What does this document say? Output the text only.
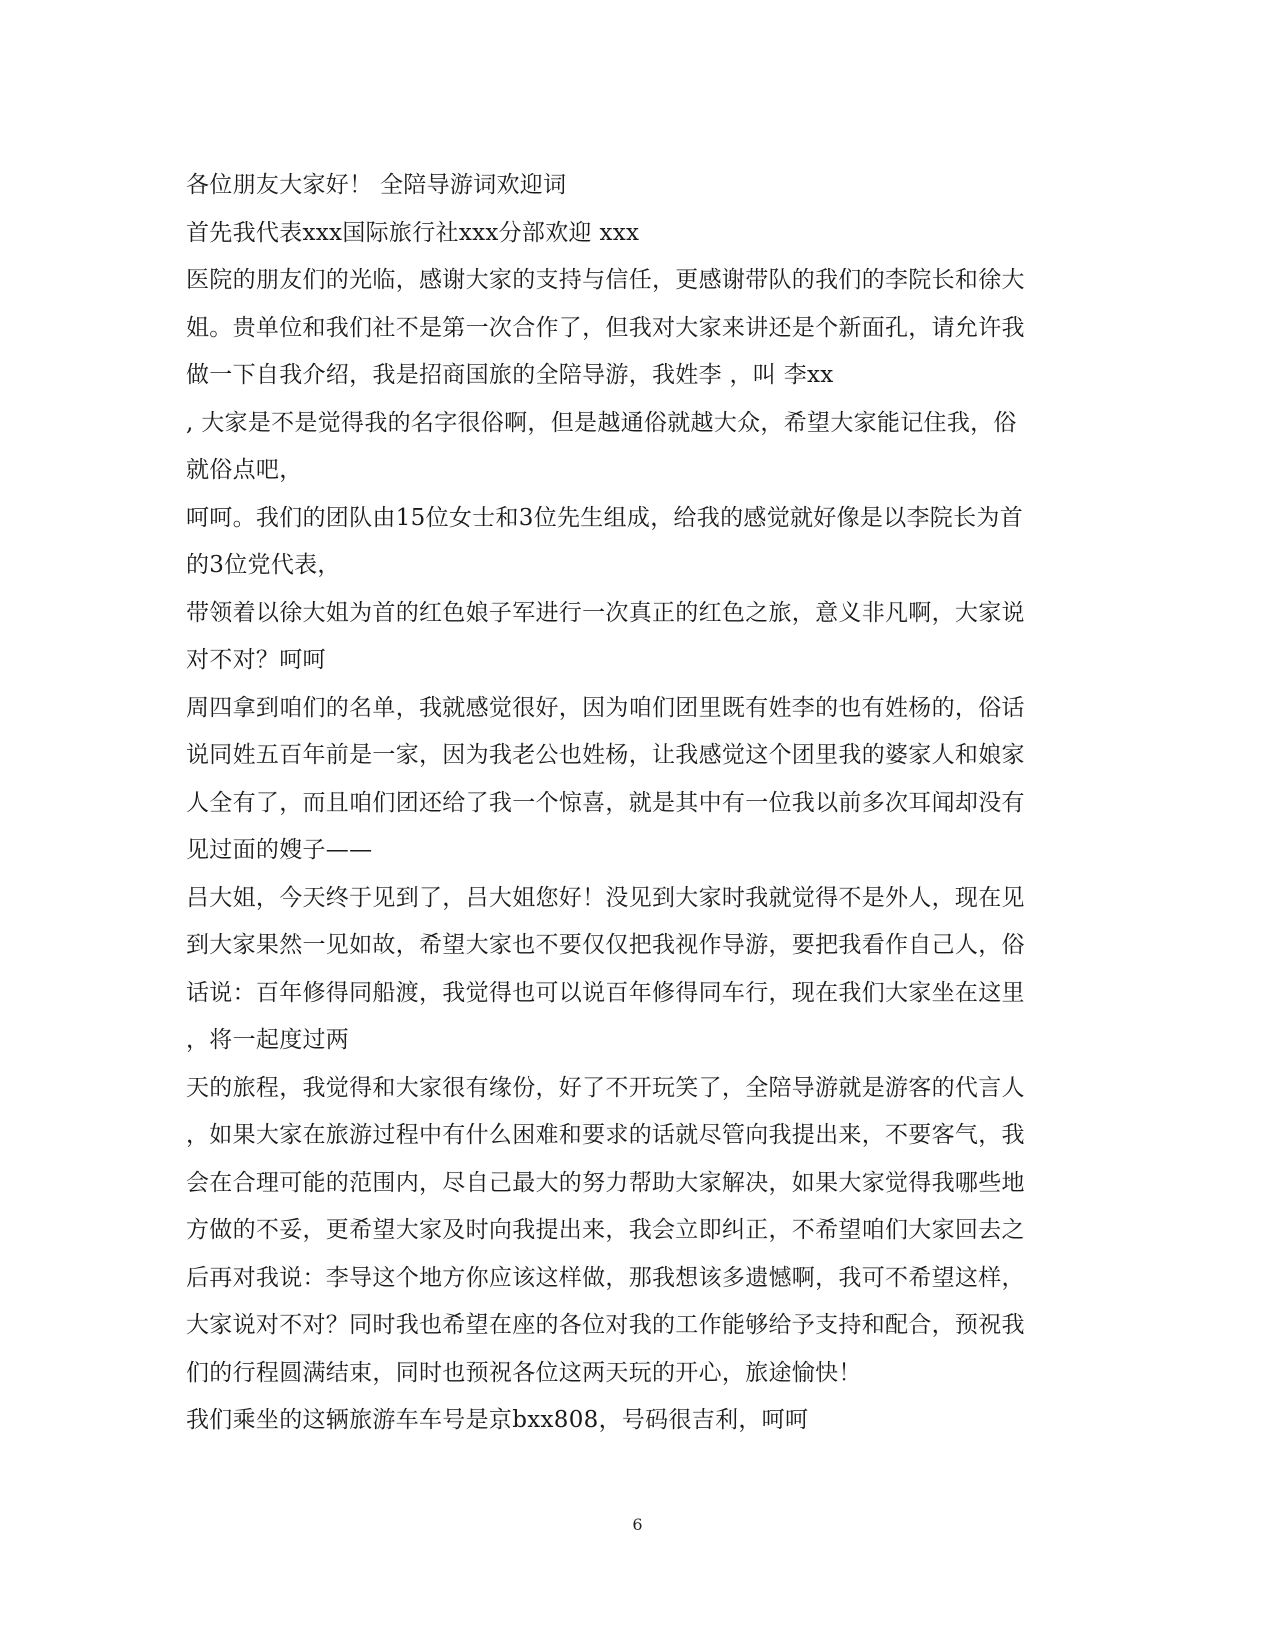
各位朋友大家好！ 全陪导游词欢迎词
首先我代表xxx国际旅行社xxx分部欢迎 xxx
医院的朋友们的光临，感谢大家的支持与信任，更感谢带队的我们的李院长和徐大
姐。贵单位和我们社不是第一次合作了，但我对大家来讲还是个新面孔，请允许我
做一下自我介绍，我是招商国旅的全陪导游，我姓李 ，叫 李xx
, 大家是不是觉得我的名字很俗啊，但是越通俗就越大众，希望大家能记住我，俗
就俗点吧，
呵呵。我们的团队由15位女士和3位先生组成，给我的感觉就好像是以李院长为首
的3位党代表，
带领着以徐大姐为首的红色娘子军进行一次真正的红色之旅，意义非凡啊，大家说
对不对？呵呵
周四拿到咱们的名单，我就感觉很好，因为咱们团里既有姓李的也有姓杨的，俗话
说同姓五百年前是一家，因为我老公也姓杨，让我感觉这个团里我的婆家人和娘家
人全有了，而且咱们团还给了我一个惊喜，就是其中有一位我以前多次耳闻却没有
见过面的嫂子——
吕大姐，今天终于见到了，吕大姐您好！没见到大家时我就觉得不是外人，现在见
到大家果然一见如故，希望大家也不要仅仅把我视作导游，要把我看作自己人，俗
话说：百年修得同船渡，我觉得也可以说百年修得同车行，现在我们大家坐在这里
，将一起度过两
天的旅程，我觉得和大家很有缘份，好了不开玩笑了，全陪导游就是游客的代言人
，如果大家在旅游过程中有什么困难和要求的话就尽管向我提出来，不要客气，我
会在合理可能的范围内，尽自己最大的努力帮助大家解决，如果大家觉得我哪些地
方做的不妥，更希望大家及时向我提出来，我会立即纠正，不希望咱们大家回去之
后再对我说：李导这个地方你应该这样做，那我想该多遗憾啊，我可不希望这样，
大家说对不对？同时我也希望在座的各位对我的工作能够给予支持和配合，预祝我
们的行程圆满结束，同时也预祝各位这两天玩的开心，旅途愉快！
我们乘坐的这辆旅游车车号是京bxx808，号码很吉利，呵呵
6
